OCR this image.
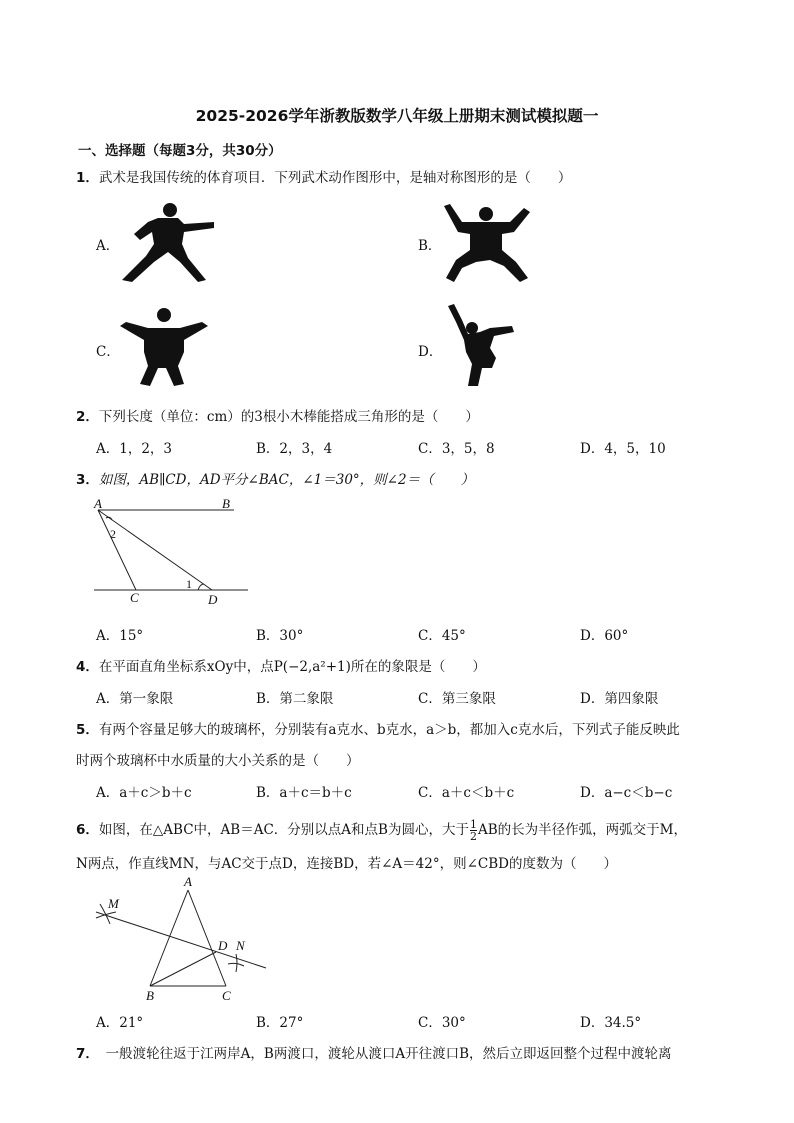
2025-2026学年浙教版数学八年级上册期末测试模拟题一
一、选择题（每题3分，共30分）
1．武术是我国传统的体育项目．下列武术动作图形中，是轴对称图形的是（　　）
A．	B．
C．	D．
2．下列长度（单位：cm）的3根小木棒能搭成三角形的是（　　）
A．1，2，3	B．2，3，4	C．3，5，8	D．4，5，10
3．如图，AB∥CD，AD平分∠BAC，∠1＝30°，则∠2＝（　　）
A	B
C	D
2
1
A．15°	B．30°	C．45°	D．60°
4．在平面直角坐标系xOy中，点P(−2,a²+1)所在的象限是（　　）
A．第一象限	B．第二象限	C．第三象限	D．第四象限
5．有两个容量足够大的玻璃杯，分别装有a克水、b克水，a＞b，都加入c克水后，下列式子能反映此
时两个玻璃杯中水质量的大小关系的是（　　）
A．a＋c＞b＋c	B．a＋c＝b＋c	C．a＋c＜b＋c	D．a−c＜b−c
6．如图，在△ABC中，AB＝AC．分别以点A和点B为圆心，大于 $\frac{1}{2}$ AB的长为半径作弧，两弧交于M，
N两点，作直线MN，与AC交于点D，连接BD，若∠A＝42°，则∠CBD的度数为（　　）
A
M
D N
B	C
A．21°	B．27°	C．30°	D．34.5°
7．　一般渡轮往返于江两岸A，B两渡口，渡轮从渡口A开往渡口B，然后立即返回整个过程中渡轮离
